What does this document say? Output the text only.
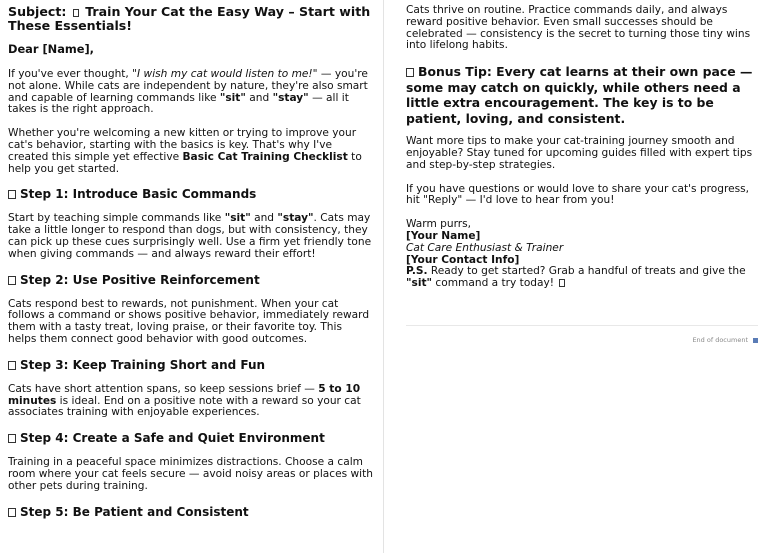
Subject: Train Your Cat the Easy Way – Start with These Essentials!
Dear [Name],

If you've ever thought, "I wish my cat would listen to me!" — you're not alone. While cats are independent by nature, they're also smart and capable of learning commands like "sit" and "stay" — all it takes is the right approach.

Whether you're welcoming a new kitten or trying to improve your cat's behavior, starting with the basics is key. That's why I've created this simple yet effective Basic Cat Training Checklist to help you get started.

Step 1: Introduce Basic Commands

Start by teaching simple commands like "sit" and "stay". Cats may take a little longer to respond than dogs, but with consistency, they can pick up these cues surprisingly well. Use a firm yet friendly tone when giving commands — and always reward their effort!

Step 2: Use Positive Reinforcement

Cats respond best to rewards, not punishment. When your cat follows a command or shows positive behavior, immediately reward them with a tasty treat, loving praise, or their favorite toy. This helps them connect good behavior with good outcomes.

Step 3: Keep Training Short and Fun

Cats have short attention spans, so keep sessions brief — 5 to 10 minutes is ideal. End on a positive note with a reward so your cat associates training with enjoyable experiences.

Step 4: Create a Safe and Quiet Environment

Training in a peaceful space minimizes distractions. Choose a calm room where your cat feels secure — avoid noisy areas or places with other pets during training.

Step 5: Be Patient and Consistent

Cats thrive on routine. Practice commands daily, and always reward positive behavior. Even small successes should be celebrated — consistency is the secret to turning those tiny wins into lifelong habits.

Bonus Tip: Every cat learns at their own pace — some may catch on quickly, while others need a little extra encouragement. The key is to be patient, loving, and consistent.

Want more tips to make your cat-training journey smooth and enjoyable? Stay tuned for upcoming guides filled with expert tips and step-by-step strategies.

If you have questions or would love to share your cat's progress, hit "Reply" — I'd love to hear from you!

Warm purrs,
[Your Name]
Cat Care Enthusiast & Trainer
[Your Contact Info]
P.S. Ready to get started? Grab a handful of treats and give the "sit" command a try today!
End of document
